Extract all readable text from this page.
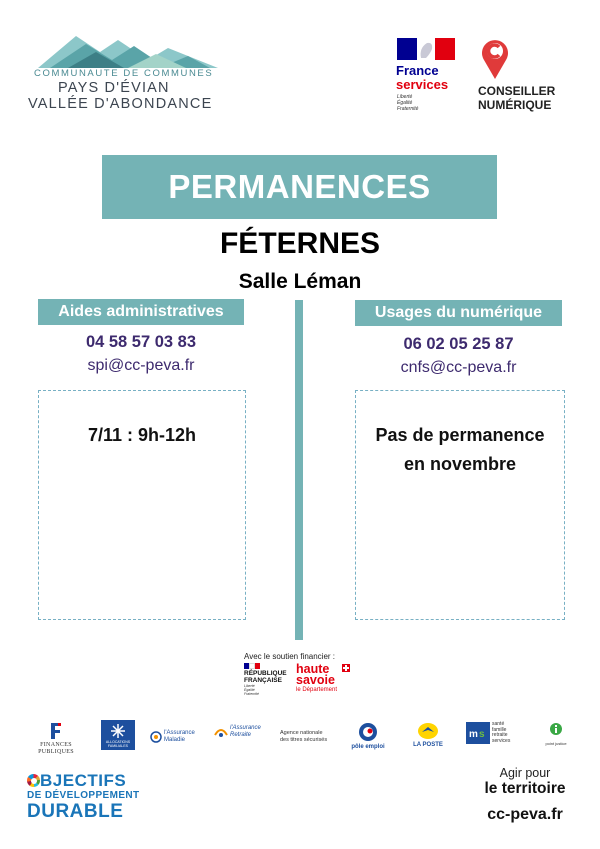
COMMUNAUTE DE COMMUNES
PAYS D'ÉVIAN
VALLÉE D'ABONDANCE
France
services
Liberté
Égalité
Fraternité
CONSEILLER
NUMÉRIQUE
PERMANENCES
FÉTERNES
Salle Léman
Aides administratives
04 58 57 03 83
spi@cc-peva.fr
7/11 : 9h-12h
Usages du numérique
06 02 05 25 87
cnfs@cc-peva.fr
Pas de permanence en novembre
Avec le soutien financier :
RÉPUBLIQUE
FRANÇAISE
Liberté
Égalité
Fraternité
haute
savoie
le Département
FINANCES PUBLIQUES
ALLOCATIONS
FAMILIALES
l'Assurance
Maladie
l'Assurance
Retraite	Agence nationale
des titres sécurisés
pôle emploi	LA POSTE
m s
santé
famille
retraite
services	point justice
BJECTIFS
DE DÉVELOPPEMENT
DURABLE
Agir pour
le territoire
cc-peva.fr
